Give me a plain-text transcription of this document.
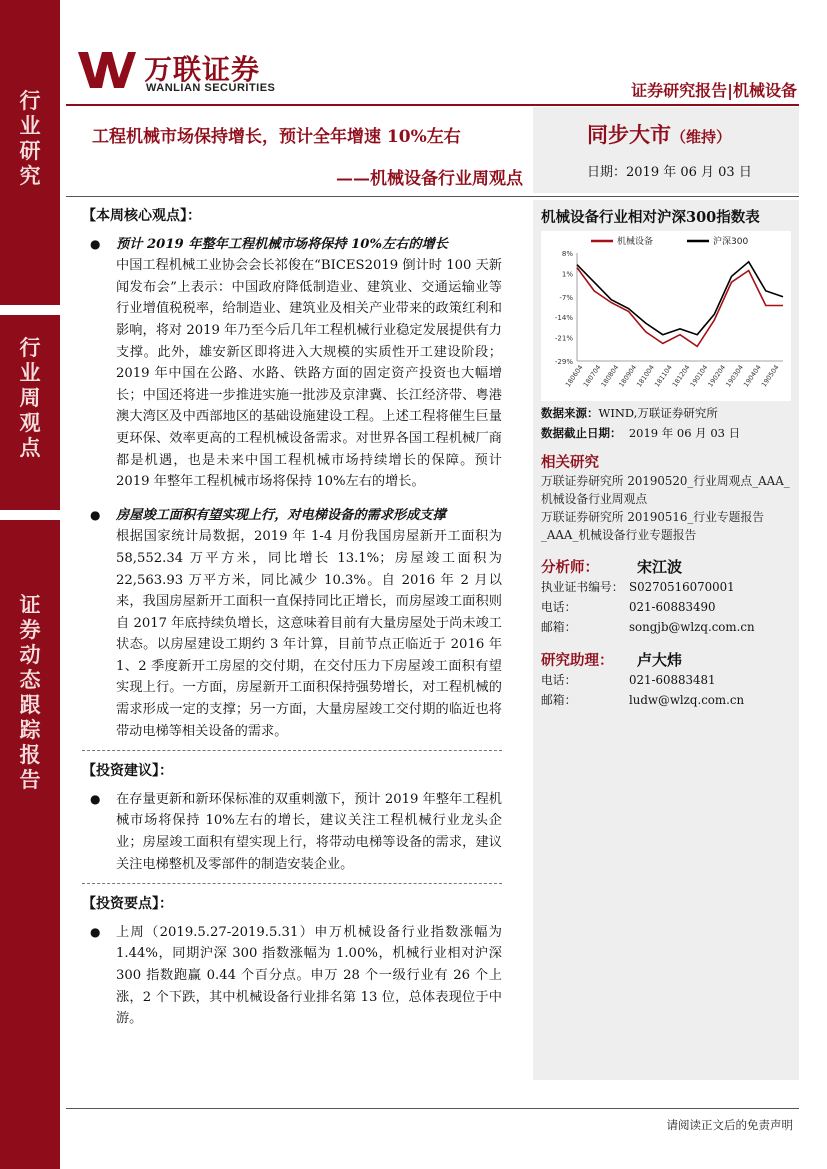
行
业
研
究
行
业
周
观
点
证
券
动
态
跟
踪
报
告
万联证券
WANLIAN SECURITIES	证券研究报告|机械设备
工程机械市场保持增长，预计全年增速 10%左右
——机械设备行业周观点
同步大市（维持）
日期：2019 年 06 月 03 日
【本周核心观点】：
● 预计 2019 年整年工程机械市场将保持 10%左右的增长
中国工程机械工业协会会长祁俊在“BICES2019 倒计时 100 天新闻发布会”上表示：中国政府降低制造业、建筑业、交通运输业等行业增值税税率，给制造业、建筑业及相关产业带来的政策红利和影响，将对 2019 年乃至今后几年工程机械行业稳定发展提供有力支撑。此外，雄安新区即将进入大规模的实质性开工建设阶段；2019 年中国在公路、水路、铁路方面的固定资产投资也大幅增长；中国还将进一步推进实施一批涉及京津冀、长江经济带、粤港澳大湾区及中西部地区的基础设施建设工程。上述工程将催生巨量更环保、效率更高的工程机械设备需求。对世界各国工程机械厂商都是机遇，也是未来中国工程机械市场持续增长的保障。预计 2019 年整年工程机械市场将保持 10%左右的增长。
● 房屋竣工面积有望实现上行，对电梯设备的需求形成支撑
根据国家统计局数据，2019 年 1-4 月份我国房屋新开工面积为 58,552.34 万平方米，同比增长 13.1%；房屋竣工面积为 22,563.93 万平方米，同比减少 10.3%。自 2016 年 2 月以来，我国房屋新开工面积一直保持同比正增长，而房屋竣工面积则自 2017 年底持续负增长，这意味着目前有大量房屋处于尚未竣工状态。以房屋建设工期约 3 年计算，目前节点正临近于 2016 年 1、2 季度新开工房屋的交付期，在交付压力下房屋竣工面积有望实现上行。一方面，房屋新开工面积保持强势增长，对工程机械的需求形成一定的支撑；另一方面，大量房屋竣工交付期的临近也将带动电梯等相关设备的需求。
【投资建议】：
● 在存量更新和新环保标准的双重刺激下，预计 2019 年整年工程机械市场将保持 10%左右的增长，建议关注工程机械行业龙头企业；房屋竣工面积有望实现上行，将带动电梯等设备的需求，建议关注电梯整机及零部件的制造安装企业。
【投资要点】：
● 上周（2019.5.27-2019.5.31）申万机械设备行业指数涨幅为 1.44%，同期沪深 300 指数涨幅为 1.00%，机械行业相对沪深 300 指数跑赢 0.44 个百分点。申万 28 个一级行业有 26 个上涨，2 个下跌，其中机械设备行业排名第 13 位，总体表现位于中游。
机械设备行业相对沪深300指数表
8%
1%
-7%
-14%
-21%
-29%
180604
180704
180804
180904
181004
181104
181204
190104
190204
190304
190404
190504
机械设备	沪深300
数据来源：WIND,万联证券研究所
数据截止日期： 2019 年 06 月 03 日
相关研究
万联证券研究所 20190520_行业周观点_AAA_机械设备行业周观点
万联证券研究所 20190516_行业专题报告_AAA_机械设备行业专题报告
分析师：	宋江波
执业证书编号： S0270516070001
电话：	021-60883490
邮箱：	songjb@wlzq.com.cn
研究助理：	卢大炜
电话：	021-60883481
邮箱：	ludw@wlzq.com.cn
请阅读正文后的免责声明
